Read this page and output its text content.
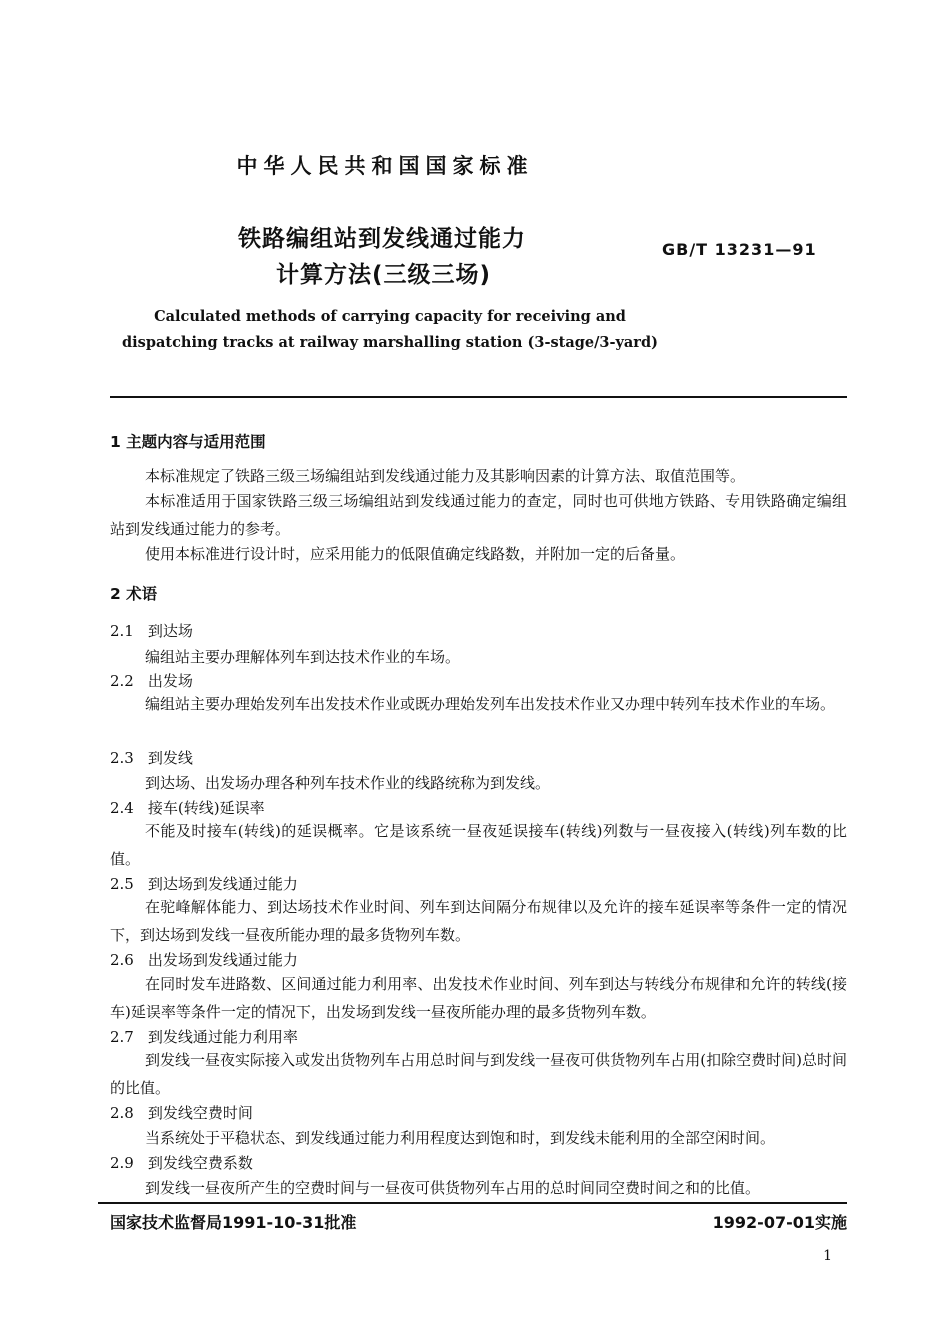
中华人民共和国国家标准
铁路编组站到发线通过能力
计算方法(三级三场)
GB/T 13231—91
Calculated methods of carrying capacity for receiving and
dispatching tracks at railway marshalling station (3-stage/3-yard)
1 主题内容与适用范围
本标准规定了铁路三级三场编组站到发线通过能力及其影响因素的计算方法、取值范围等。
本标准适用于国家铁路三级三场编组站到发线通过能力的查定，同时也可供地方铁路、专用铁路确定编组站到发线通过能力的参考。
使用本标准进行设计时，应采用能力的低限值确定线路数，并附加一定的后备量。
2 术语
2.1 到达场
编组站主要办理解体列车到达技术作业的车场。
2.2 出发场
编组站主要办理始发列车出发技术作业或既办理始发列车出发技术作业又办理中转列车技术作业的车场。
2.3 到发线
到达场、出发场办理各种列车技术作业的线路统称为到发线。
2.4 接车(转线)延误率
不能及时接车(转线)的延误概率。它是该系统一昼夜延误接车(转线)列数与一昼夜接入(转线)列车数的比值。
2.5 到达场到发线通过能力
在驼峰解体能力、到达场技术作业时间、列车到达间隔分布规律以及允许的接车延误率等条件一定的情况下，到达场到发线一昼夜所能办理的最多货物列车数。
2.6 出发场到发线通过能力
在同时发车进路数、区间通过能力利用率、出发技术作业时间、列车到达与转线分布规律和允许的转线(接车)延误率等条件一定的情况下，出发场到发线一昼夜所能办理的最多货物列车数。
2.7 到发线通过能力利用率
到发线一昼夜实际接入或发出货物列车占用总时间与到发线一昼夜可供货物列车占用(扣除空费时间)总时间的比值。
2.8 到发线空费时间
当系统处于平稳状态、到发线通过能力利用程度达到饱和时，到发线未能利用的全部空闲时间。
2.9 到发线空费系数
到发线一昼夜所产生的空费时间与一昼夜可供货物列车占用的总时间同空费时间之和的比值。
国家技术监督局1991-10-31批准	1992-07-01实施
1
